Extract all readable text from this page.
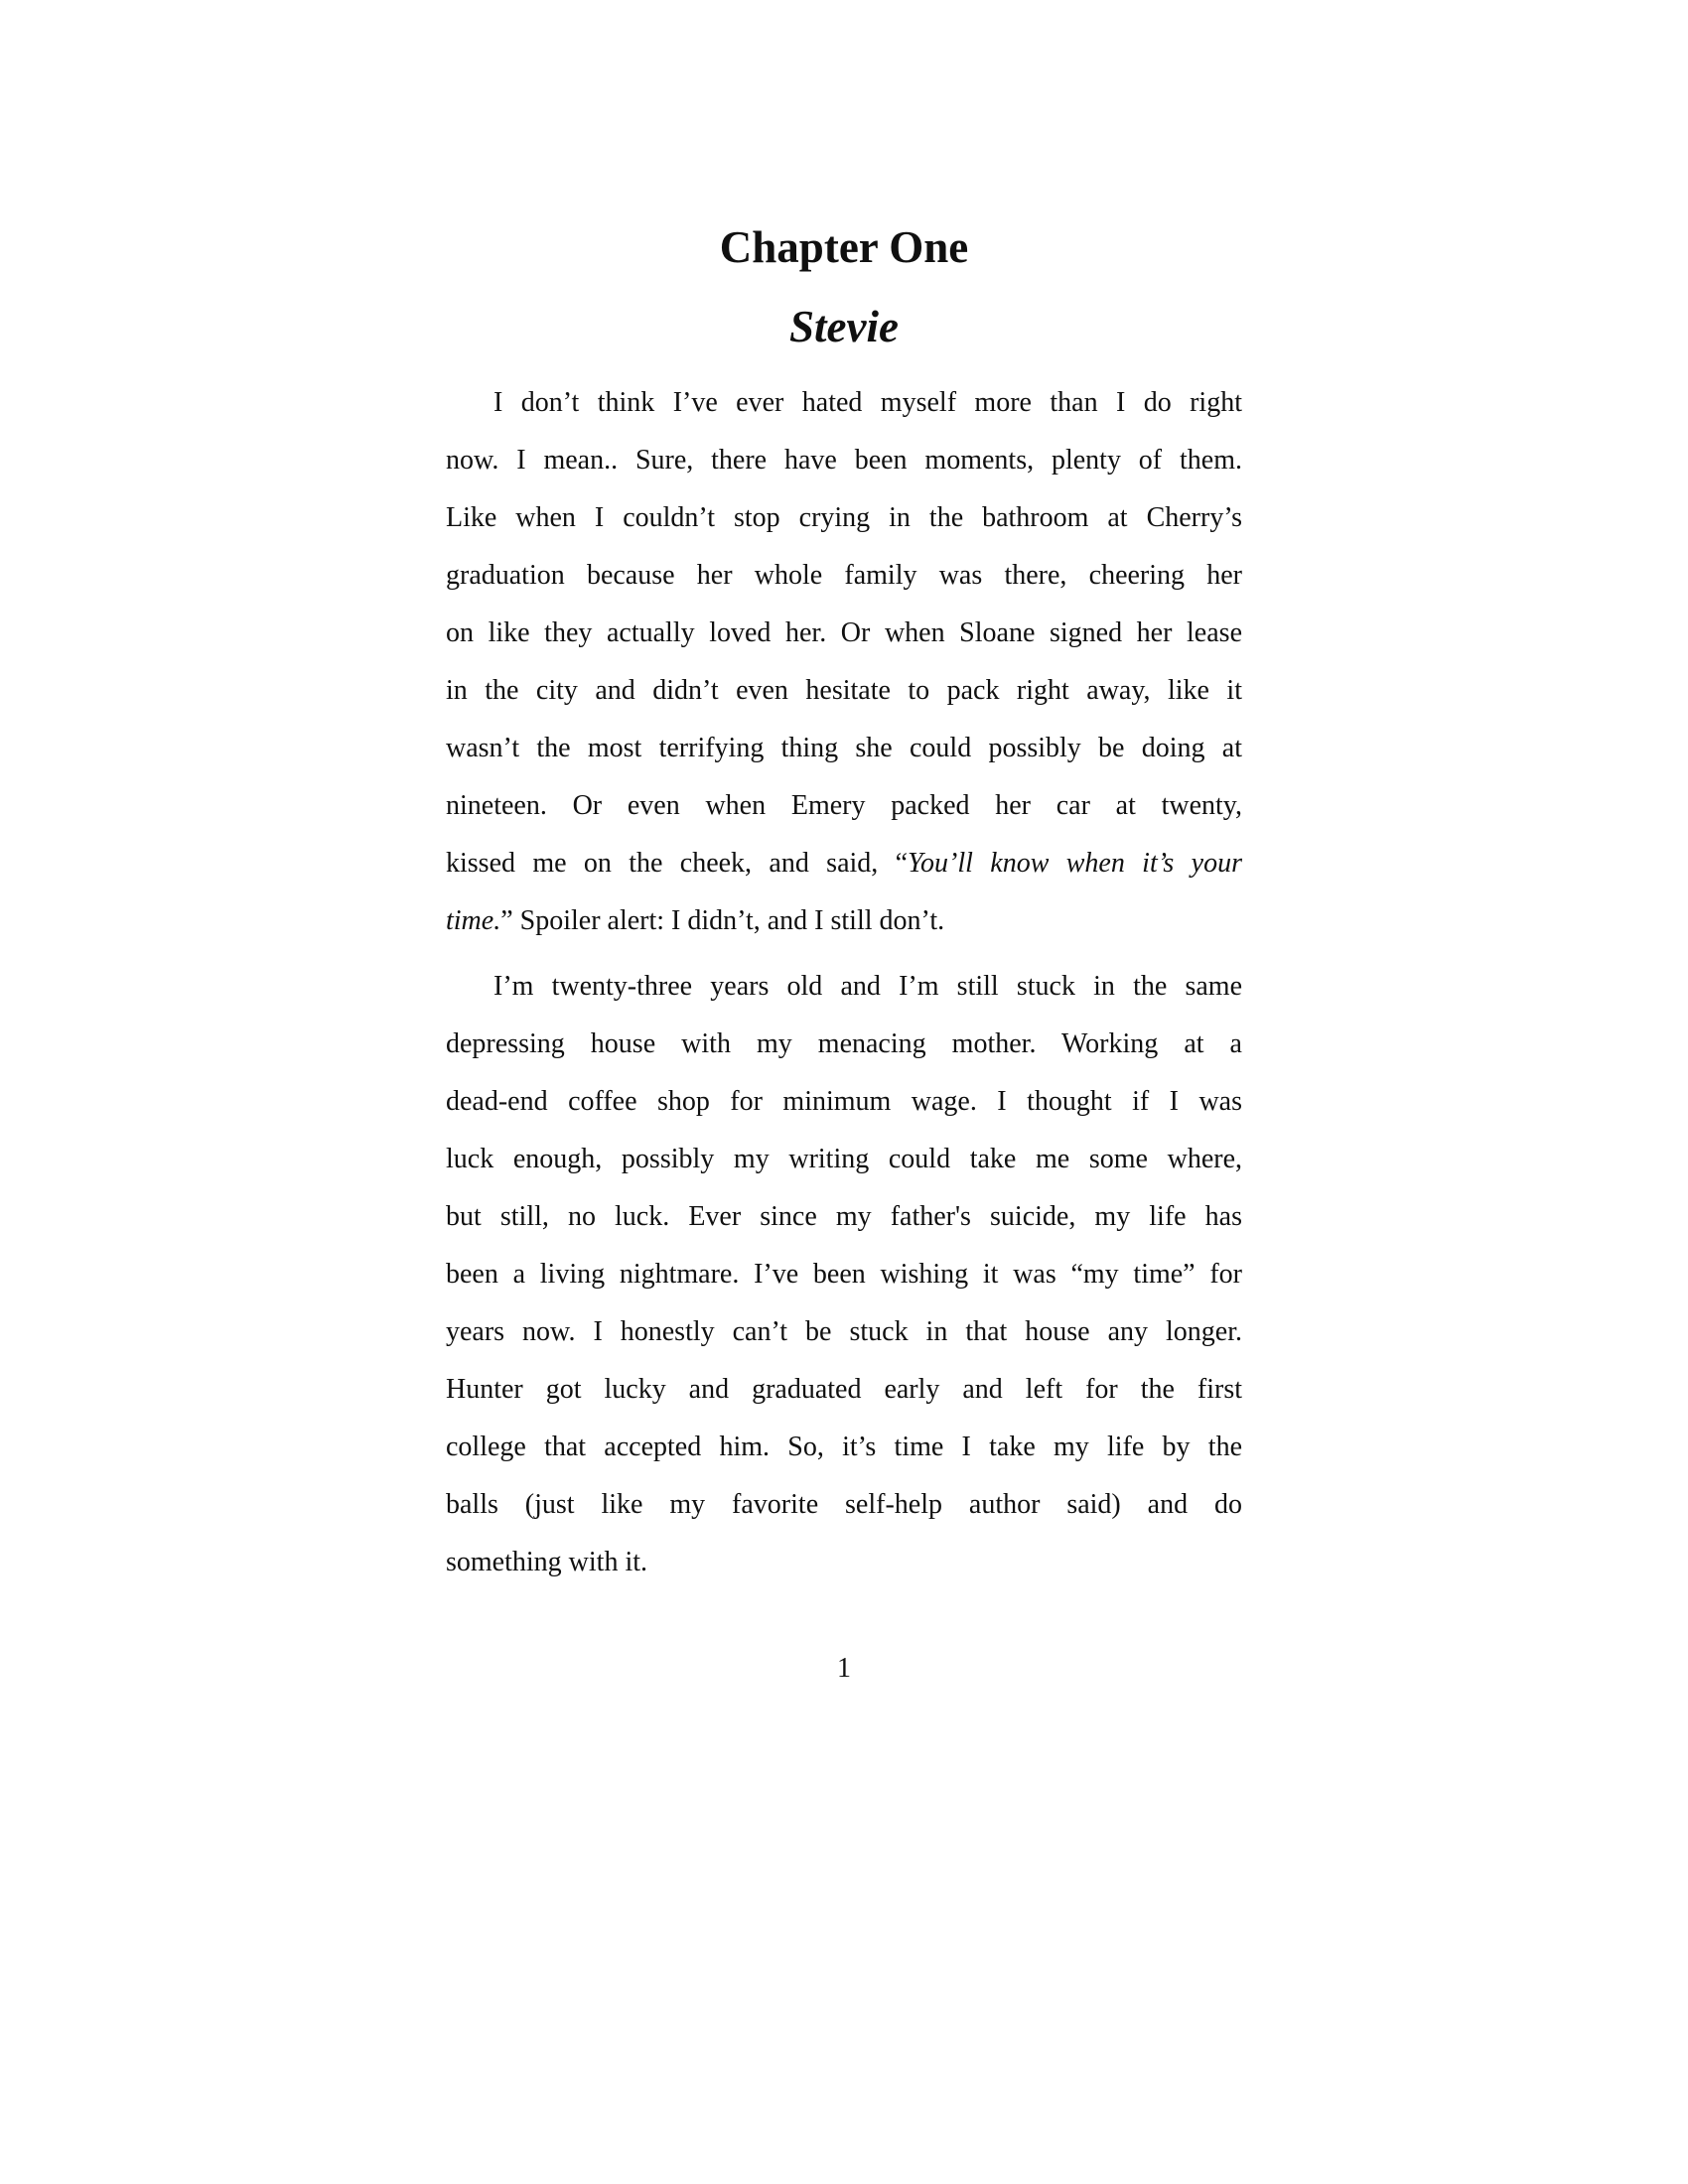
Chapter One
Stevie
I don’t think I’ve ever hated myself more than I do right
now. I mean.. Sure, there have been moments, plenty of them.
Like when I couldn’t stop crying in the bathroom at Cherry’s
graduation because her whole family was there, cheering her
on like they actually loved her. Or when Sloane signed her lease
in the city and didn’t even hesitate to pack right away, like it
wasn’t the most terrifying thing she could possibly be doing at
nineteen. Or even when Emery packed her car at twenty,
kissed me on the cheek, and said, “You’ll know when it’s your
time.” Spoiler alert: I didn’t, and I still don’t.
I’m twenty-three years old and I’m still stuck in the same
depressing house with my menacing mother. Working at a
dead-end coffee shop for minimum wage. I thought if I was
luck enough, possibly my writing could take me some where,
but still, no luck. Ever since my father's suicide, my life has
been a living nightmare. I’ve been wishing it was “my time” for
years now. I honestly can’t be stuck in that house any longer.
Hunter got lucky and graduated early and left for the first
college that accepted him. So, it’s time I take my life by the
balls (just like my favorite self-help author said) and do
something with it.
1
